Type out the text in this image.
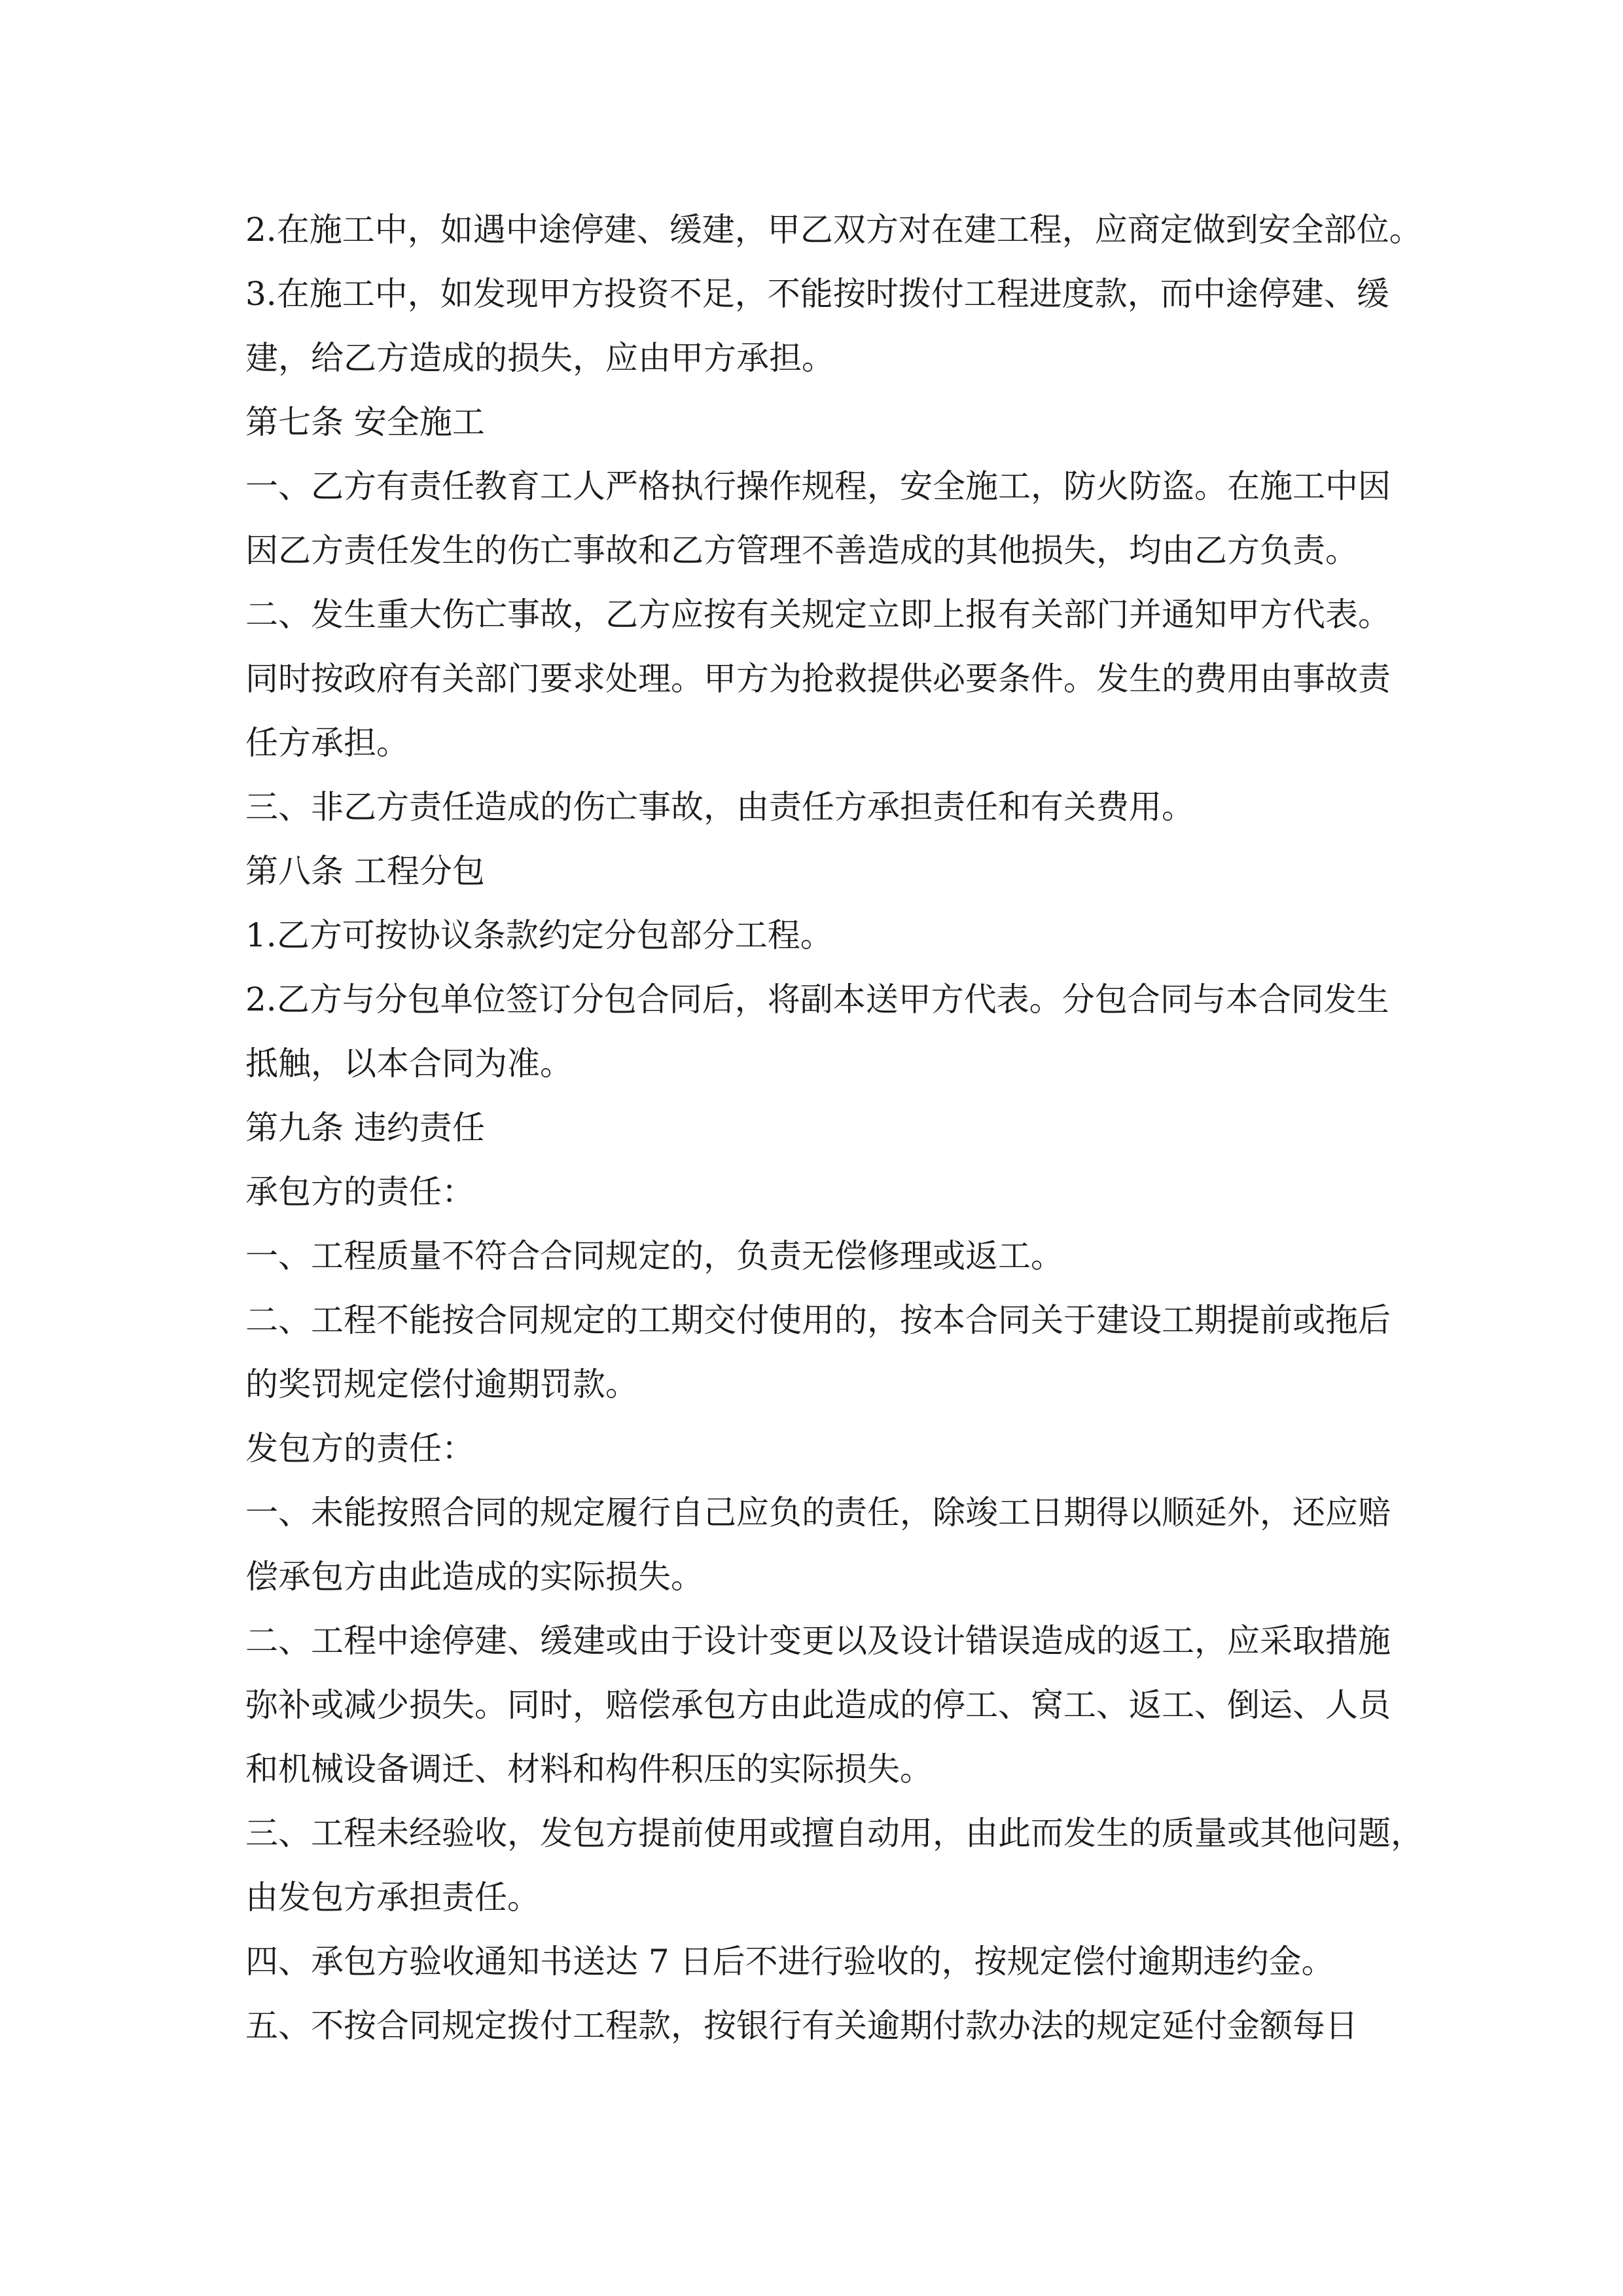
2.在施工中，如遇中途停建、缓建，甲乙双方对在建工程，应商定做到安全部位。
3.在施工中，如发现甲方投资不足，不能按时拨付工程进度款，而中途停建、缓
建，给乙方造成的损失，应由甲方承担。
第七条 安全施工
一、乙方有责任教育工人严格执行操作规程，安全施工，防火防盗。在施工中因
因乙方责任发生的伤亡事故和乙方管理不善造成的其他损失，均由乙方负责。
二、发生重大伤亡事故，乙方应按有关规定立即上报有关部门并通知甲方代表。
同时按政府有关部门要求处理。甲方为抢救提供必要条件。发生的费用由事故责
任方承担。
三、非乙方责任造成的伤亡事故，由责任方承担责任和有关费用。
第八条 工程分包
1.乙方可按协议条款约定分包部分工程。
2.乙方与分包单位签订分包合同后，将副本送甲方代表。分包合同与本合同发生
抵触，以本合同为准。
第九条 违约责任
承包方的责任：
一、工程质量不符合合同规定的，负责无偿修理或返工。
二、工程不能按合同规定的工期交付使用的，按本合同关于建设工期提前或拖后
的奖罚规定偿付逾期罚款。
发包方的责任：
一、未能按照合同的规定履行自己应负的责任，除竣工日期得以顺延外，还应赔
偿承包方由此造成的实际损失。
二、工程中途停建、缓建或由于设计变更以及设计错误造成的返工，应采取措施
弥补或减少损失。同时，赔偿承包方由此造成的停工、窝工、返工、倒运、人员
和机械设备调迁、材料和构件积压的实际损失。
三、工程未经验收，发包方提前使用或擅自动用，由此而发生的质量或其他问题，
由发包方承担责任。
四、承包方验收通知书送达 7 日后不进行验收的，按规定偿付逾期违约金。
五、不按合同规定拨付工程款，按银行有关逾期付款办法的规定延付金额每日
